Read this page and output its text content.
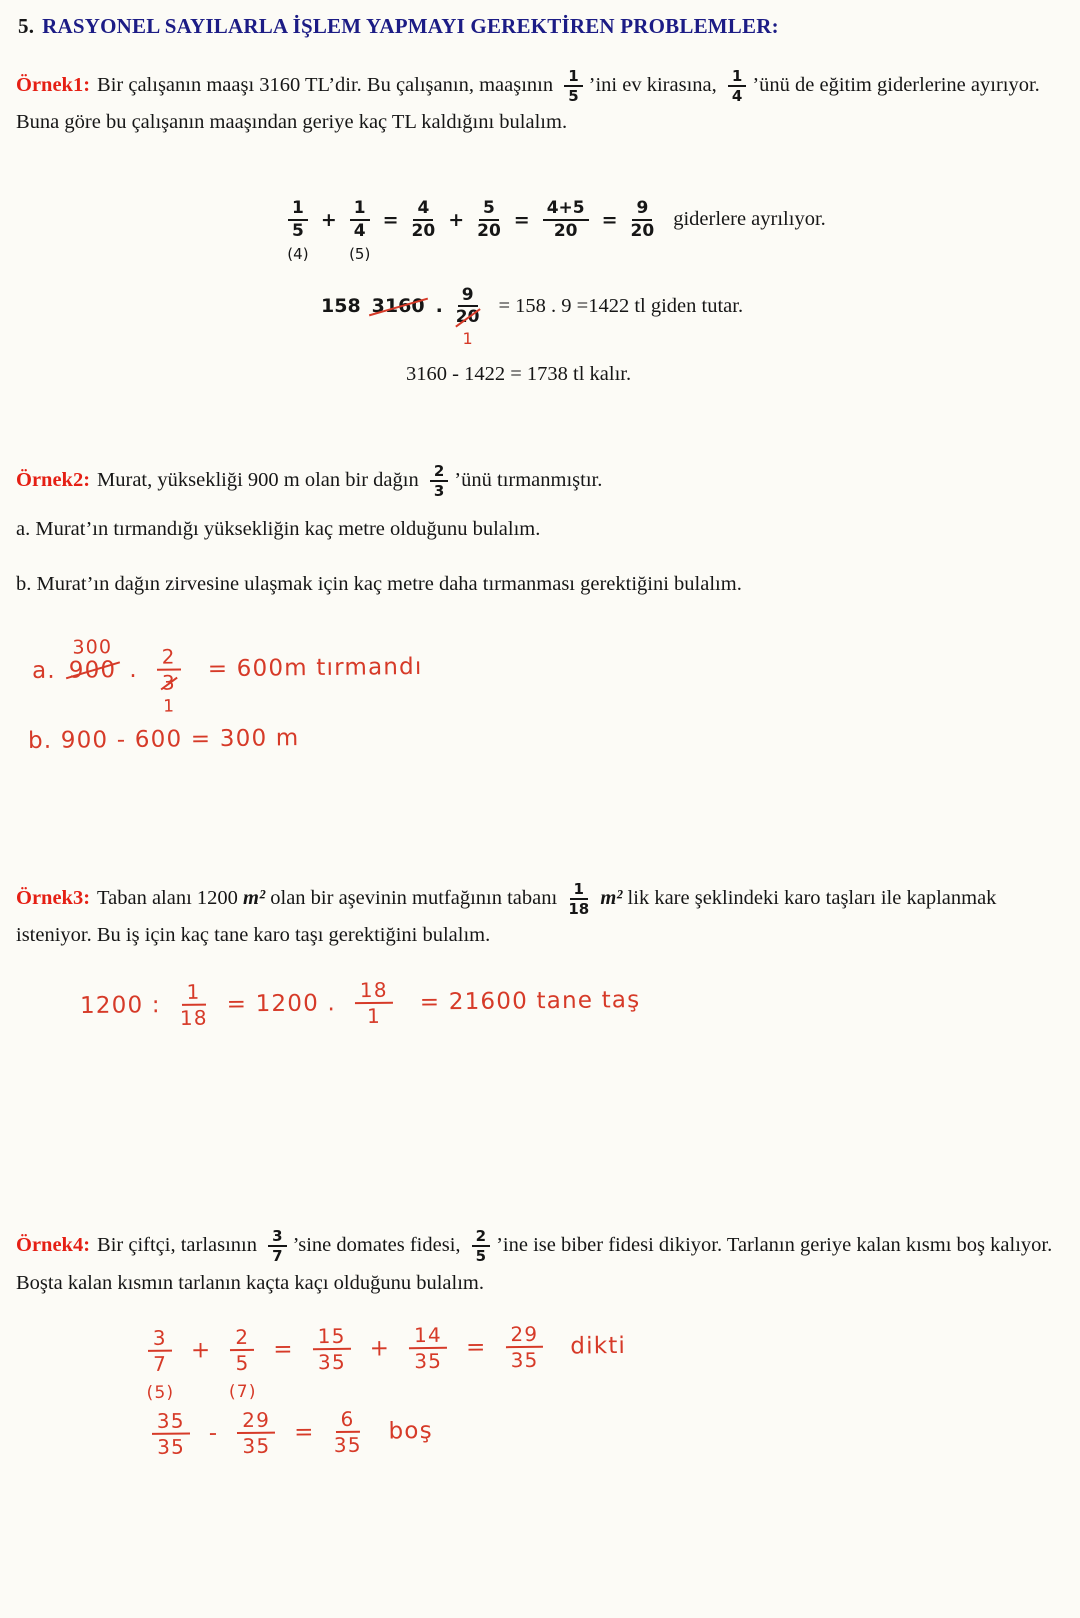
5. RASYONEL SAYILARLA İŞLEM YAPMAYI GEREKTİREN PROBLEMLER:

Örnek1: Bir çalışanın maaşı 3160 TL’dir. Bu çalışanın, maaşının $\frac{1}{5}$ ’ini ev kirasına, $\frac{1}{4}$ ’ünü de eğitim giderlerine ayırıyor. Buna göre bu çalışanın maaşından geriye kaç TL kaldığını bulalım.

$\frac{1}{5}$
(4)
+ $\frac{1}{4}$
(5)
= $\frac{4}{20} + \frac{5}{20} = \frac{4+5}{20} = \frac{9}{20}$ giderlere ayrılıyor.
158 3160 . $\frac{9}{20}$
1
= 158 . 9 =1422 tl giden tutar.
3160 - 1422 = 1738 tl kalır.

Örnek2: Murat, yüksekliği 900 m olan bir dağın $\frac{2}{3}$ ’ünü tırmanmıştır.

a. Murat’ın tırmandığı yüksekliğin kaç metre olduğunu bulalım.

b. Murat’ın dağın zirvesine ulaşmak için kaç metre daha tırmanması gerektiğini bulalım.

a.
300
900 . $\frac{2}{3}$
1
= 600m tırmandı
b. 900 - 600 = 300 m

Örnek3: Taban alanı 1200 m² olan bir aşevinin mutfağının tabanı $\frac{1}{18} m^2$ lik kare şeklindeki karo taşları ile kaplanmak isteniyor. Bu iş için kaç tane karo taşı gerektiğini bulalım.

1200 : $\frac{1}{18} = 1200$ . $\frac{18}{1} = 21600$ tane taş

Örnek4: Bir çiftçi, tarlasının $\frac{3}{7}$ ’sine domates fidesi, $\frac{2}{5}$ ’ine ise biber fidesi dikiyor. Tarlanın geriye kalan kısmı boş kalıyor. Boşta kalan kısmın tarlanın kaçta kaçı olduğunu bulalım.

$\frac{3}{7}$
(5)
+ $\frac{2}{5}$
(7)
= $\frac{15}{35} + \frac{14}{35} = \frac{29}{35}$ dikti
$\frac{35}{35} - \frac{29}{35} = \frac{6}{35}$ boş
